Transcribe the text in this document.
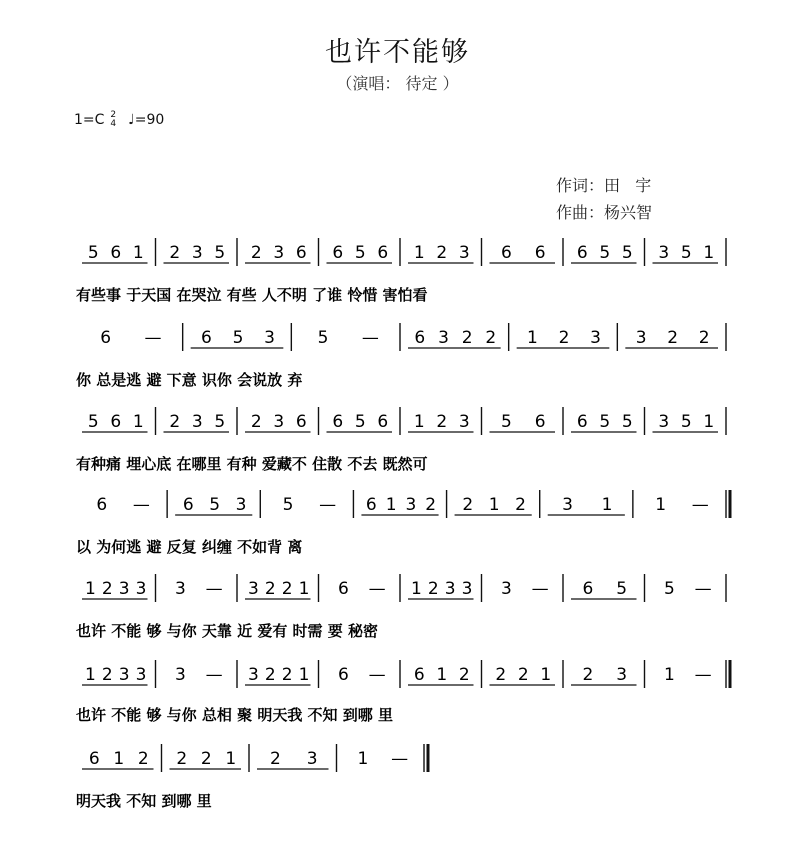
也许不能够
（演唱： 待定 ）
1=C 2
4 ♩=90
作词：田   宇
作曲：杨兴智
5 6 1 2 3 5 2 3 6 6 5 6 1 2 3 6 6 6 5 5 3 5 1
有些事 于天国 在哭泣 有些 人不明 了谁 怜惜 害怕看
6 — 6 5 3	5 — 6 3 2 2 1 2 3 3 2 2
你 总是逃 避 下意 识你 会说放 弃
5 6 1 2 3 5 2 3 6 6 5 6 1 2 3 5 6 6 5 5 3 5 1
有种痛 埋心底 在哪里 有种 爱藏不 住散 不去 既然可
6 — 6 5 3 5 — 6 1 3 2 2 1 2 3 1	1 —
以 为何逃 避 反复 纠缠 不如背 离
1 2 3 3 3 — 3 2 2 1 6 — 1 2 3 3 3 — 6 5 5 —
也许 不能 够 与你 天靠 近 爱有 时需 要 秘密
1 2 3 3 3 — 3 2 2 1 6 — 6 1 2 2 2 1 2 3 1 —
也许 不能 够 与你 总相 聚 明天我 不知 到哪 里
6 1 2 2 2 1 2 3 1 —
明天我 不知 到哪 里
